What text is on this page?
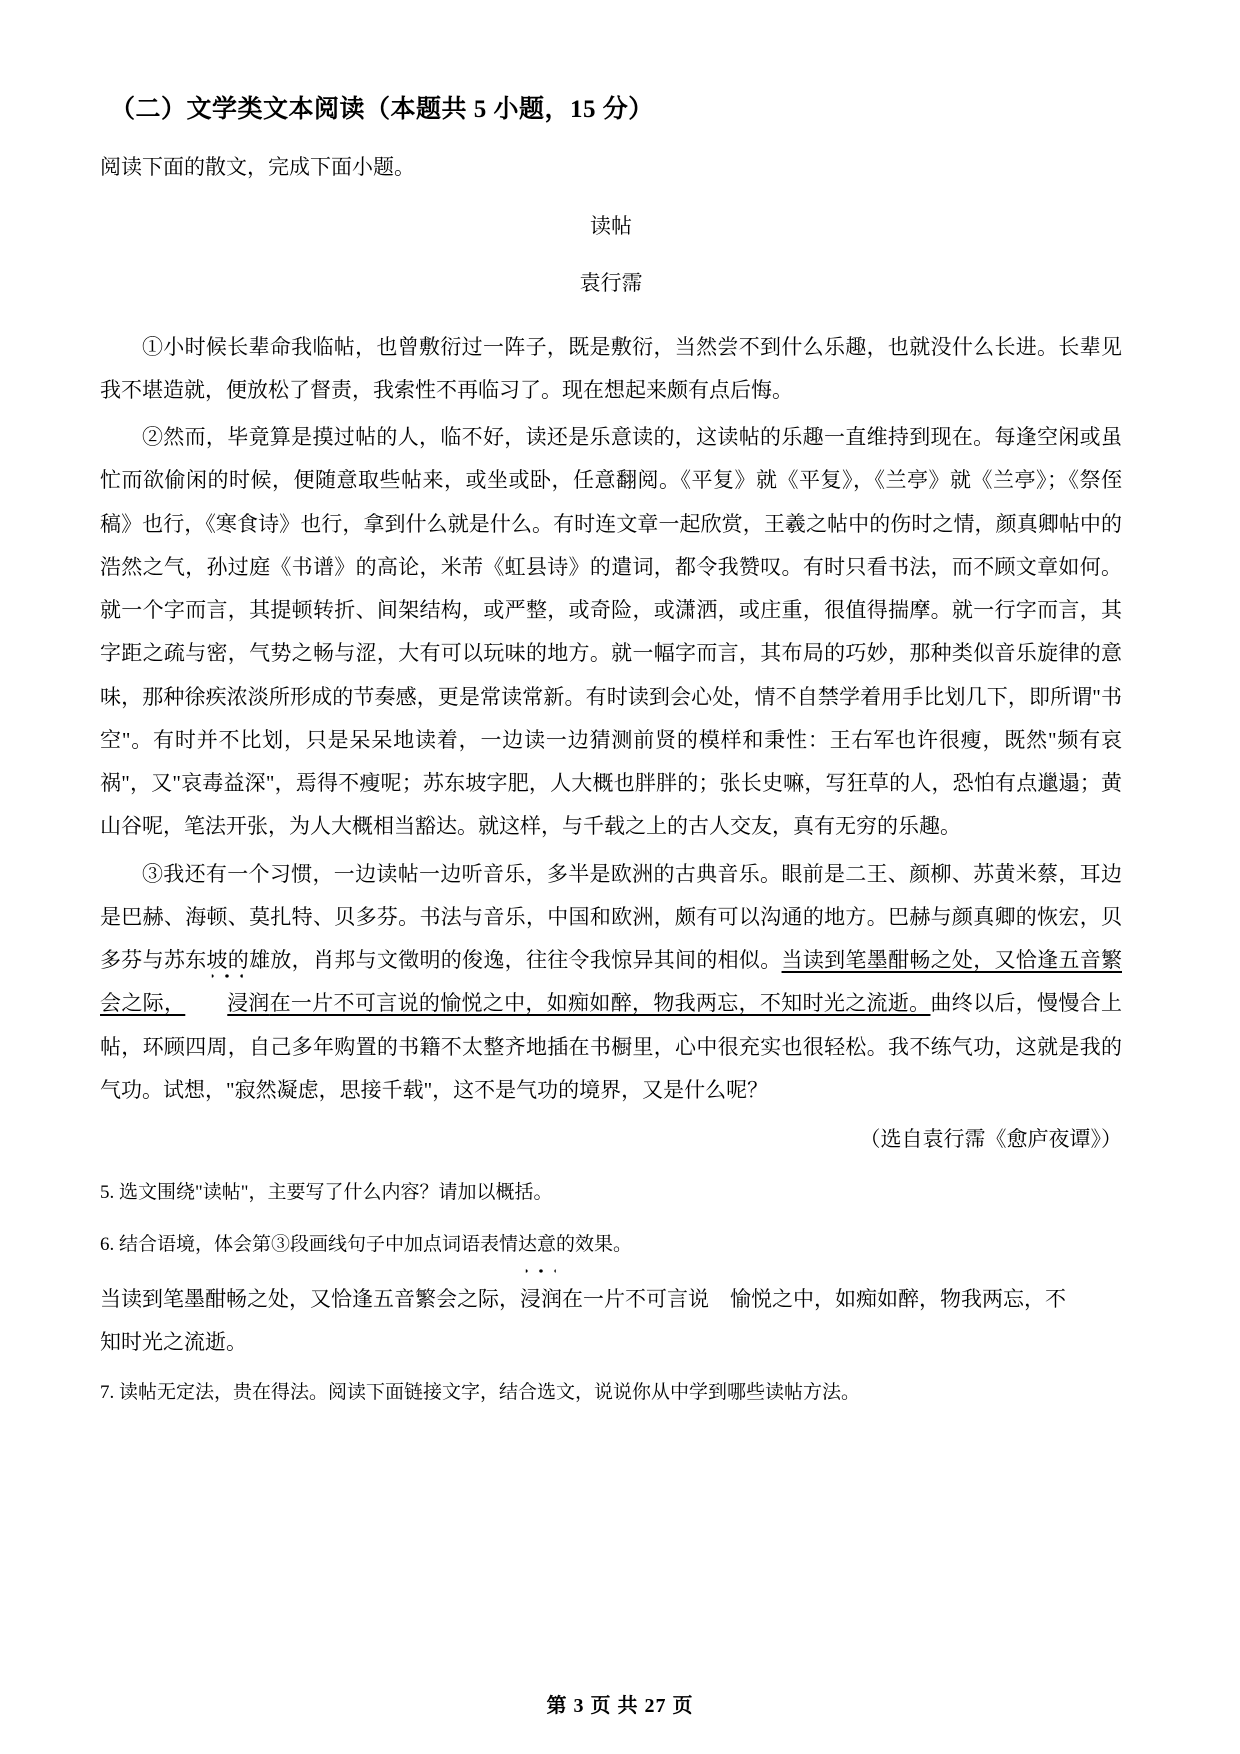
（二）文学类文本阅读（本题共 5 小题，15 分）
阅读下面的散文，完成下面小题。
读帖
袁行霈

①小时候长辈命我临帖，也曾敷衍过一阵子，既是敷衍，当然尝不到什么乐趣，也就没什么长进。长辈见我不堪造就，便放松了督责，我索性不再临习了。现在想起来颇有点后悔。

②然而，毕竟算是摸过帖的人，临不好，读还是乐意读的，这读帖的乐趣一直维持到现在。每逢空闲或虽忙而欲偷闲的时候，便随意取些帖来，或坐或卧，任意翻阅。《平复》就《平复》，《兰亭》就《兰亭》；《祭侄稿》也行，《寒食诗》也行，拿到什么就是什么。有时连文章一起欣赏，王羲之帖中的伤时之情，颜真卿帖中的浩然之气，孙过庭《书谱》的高论，米芾《虹县诗》的遣词，都令我赞叹。有时只看书法，而不顾文章如何。就一个字而言，其提顿转折、间架结构，或严整，或奇险，或潇洒，或庄重，很值得揣摩。就一行字而言，其字距之疏与密，气势之畅与涩，大有可以玩味的地方。就一幅字而言，其布局的巧妙，那种类似音乐旋律的意味，那种徐疾浓淡所形成的节奏感，更是常读常新。有时读到会心处，情不自禁学着用手比划几下，即所谓"书空"。有时并不比划，只是呆呆地读着，一边读一边猜测前贤的模样和秉性：王右军也许很瘦，既然"频有哀祸"，又"哀毒益深"，焉得不瘦呢；苏东坡字肥，人大概也胖胖的；张长史嘛，写狂草的人，恐怕有点邋遢；黄山谷呢，笔法开张，为人大概相当豁达。就这样，与千载之上的古人交友，真有无穷的乐趣。

③我还有一个习惯，一边读帖一边听音乐，多半是欧洲的古典音乐。眼前是二王、颜柳、苏黄米蔡，耳边是巴赫、海顿、莫扎特、贝多芬。书法与音乐，中国和欧洲，颇有可以沟通的地方。巴赫与颜真卿的恢宏，贝多芬与苏东坡的雄放，肖邦与文徵明的俊逸，往往令我惊异其间的相似。当读到笔墨酣畅之处，又恰逢五音繁会之际， 浸润在一片不可言说的愉悦之中，如痴如醉，物我两忘，不知时光之流逝。曲终以后，慢慢合上帖，环顾四周，自己多年购置的书籍不太整齐地插在书橱里，心中很充实也很轻松。我不练气功，这就是我的气功。试想，"寂然凝虑，思接千载"，这不是气功的境界，又是什么呢？

（选自袁行霈《愈庐夜谭》）
5. 选文围绕"读帖"，主要写了什么内容？请加以概括。
6. 结合语境，体会第③段画线句子中加点词语表情达意的效果。
当读到笔墨酣畅之处，又恰逢五音繁会之际，浸润在一片不可言说　愉悦之中，如痴如醉，物我两忘，不
知时光之流逝。
7. 读帖无定法，贵在得法。阅读下面链接文字，结合选文，说说你从中学到哪些读帖方法。
第 3 页 共 27 页
